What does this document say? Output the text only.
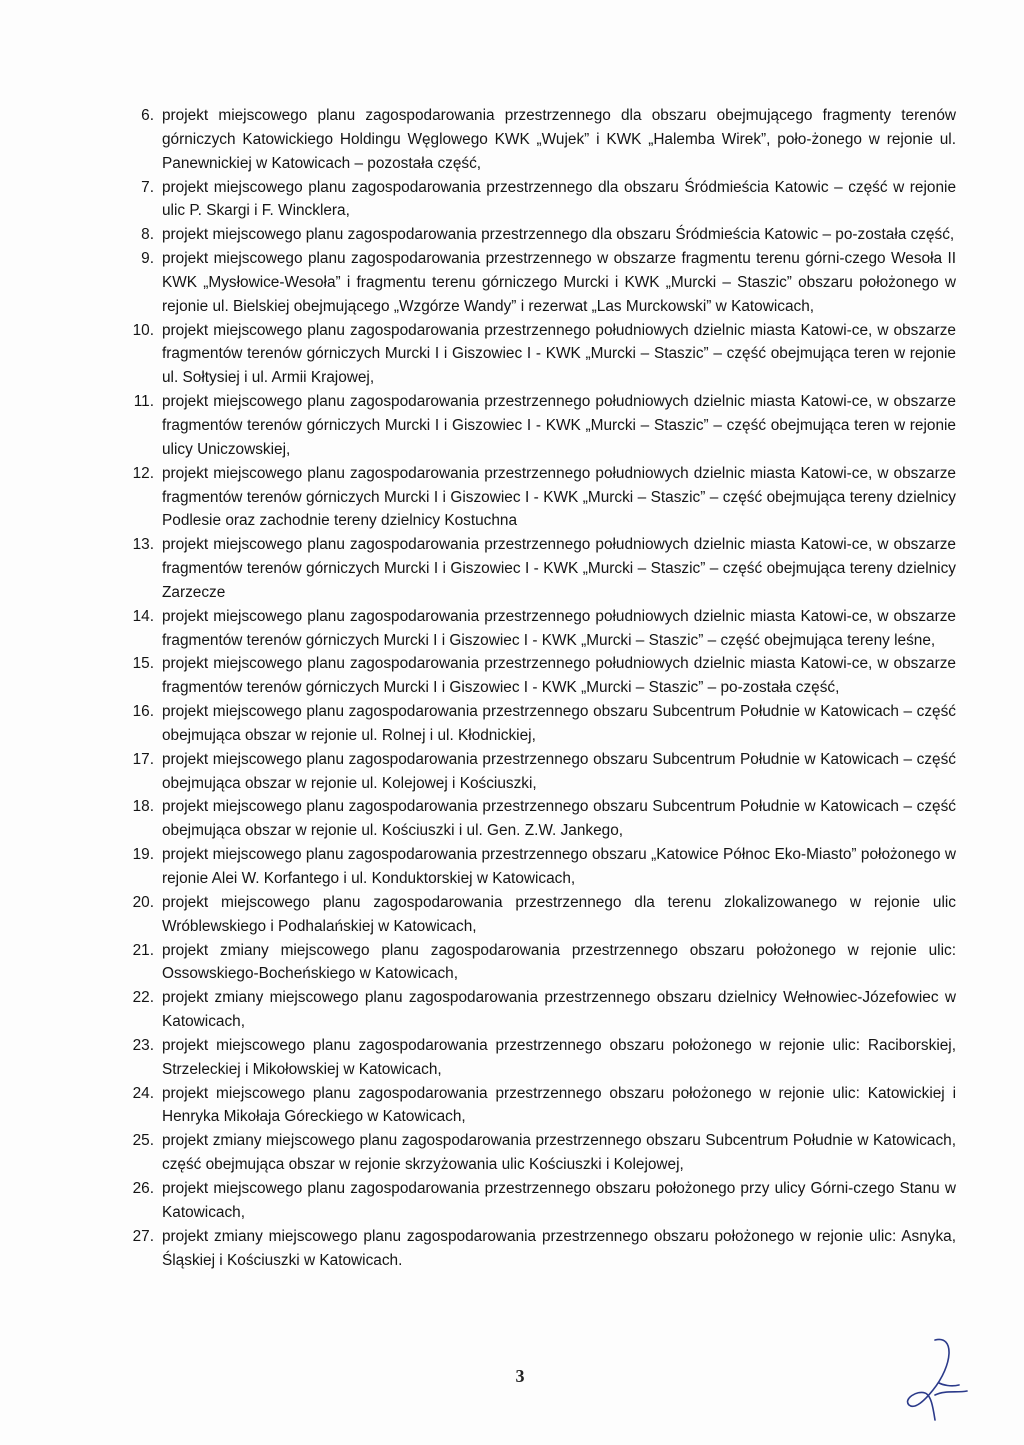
6. projekt miejscowego planu zagospodarowania przestrzennego dla obszaru obejmującego fragmenty terenów górniczych Katowickiego Holdingu Węglowego KWK „Wujek” i KWK „Halemba Wirek”, poło-żonego w rejonie ul. Panewnickiej w Katowicach – pozostała część,
7. projekt miejscowego planu zagospodarowania przestrzennego dla obszaru Śródmieścia Katowic – część w rejonie ulic P. Skargi i F. Wincklera,
8. projekt miejscowego planu zagospodarowania przestrzennego dla obszaru Śródmieścia Katowic – po-została część,
9. projekt miejscowego planu zagospodarowania przestrzennego w obszarze fragmentu terenu górni-czego Wesoła II KWK „Mysłowice-Wesoła” i fragmentu terenu górniczego Murcki i KWK „Murcki – Staszic” obszaru położonego w rejonie ul. Bielskiej obejmującego „Wzgórze Wandy” i rezerwat „Las Murckowski” w Katowicach,
10. projekt miejscowego planu zagospodarowania przestrzennego południowych dzielnic miasta Katowi-ce, w obszarze fragmentów terenów górniczych Murcki I i Giszowiec I - KWK „Murcki – Staszic” – część obejmująca teren w rejonie ul. Sołtysiej i ul. Armii Krajowej,
11. projekt miejscowego planu zagospodarowania przestrzennego południowych dzielnic miasta Katowi-ce, w obszarze fragmentów terenów górniczych Murcki I i Giszowiec I - KWK „Murcki – Staszic” – część obejmująca teren w rejonie ulicy Uniczowskiej,
12. projekt miejscowego planu zagospodarowania przestrzennego południowych dzielnic miasta Katowi-ce, w obszarze fragmentów terenów górniczych Murcki I i Giszowiec I - KWK „Murcki – Staszic” – część obejmująca tereny dzielnicy Podlesie oraz zachodnie tereny dzielnicy Kostuchna
13. projekt miejscowego planu zagospodarowania przestrzennego południowych dzielnic miasta Katowi-ce, w obszarze fragmentów terenów górniczych Murcki I i Giszowiec I - KWK „Murcki – Staszic” – część obejmująca tereny dzielnicy Zarzecze
14. projekt miejscowego planu zagospodarowania przestrzennego południowych dzielnic miasta Katowi-ce, w obszarze fragmentów terenów górniczych Murcki I i Giszowiec I - KWK „Murcki – Staszic” – część obejmująca tereny leśne,
15. projekt miejscowego planu zagospodarowania przestrzennego południowych dzielnic miasta Katowi-ce, w obszarze fragmentów terenów górniczych Murcki I i Giszowiec I - KWK „Murcki – Staszic” – po-została część,
16. projekt miejscowego planu zagospodarowania przestrzennego obszaru Subcentrum Południe w Katowicach – część obejmująca obszar w rejonie ul. Rolnej i ul. Kłodnickiej,
17. projekt miejscowego planu zagospodarowania przestrzennego obszaru Subcentrum Południe w Katowicach – część obejmująca obszar w rejonie ul. Kolejowej i Kościuszki,
18. projekt miejscowego planu zagospodarowania przestrzennego obszaru Subcentrum Południe w Katowicach – część obejmująca obszar w rejonie ul. Kościuszki i ul. Gen. Z.W. Jankego,
19. projekt miejscowego planu zagospodarowania przestrzennego obszaru „Katowice Północ Eko-Miasto” położonego w rejonie Alei W. Korfantego i ul. Konduktorskiej w Katowicach,
20. projekt miejscowego planu zagospodarowania przestrzennego dla terenu zlokalizowanego w rejonie ulic Wróblewskiego i Podhalańskiej w Katowicach,
21. projekt zmiany miejscowego planu zagospodarowania przestrzennego obszaru położonego w rejonie ulic: Ossowskiego-Bocheńskiego w Katowicach,
22. projekt zmiany miejscowego planu zagospodarowania przestrzennego obszaru dzielnicy Wełnowiec-Józefowiec w Katowicach,
23. projekt miejscowego planu zagospodarowania przestrzennego obszaru położonego w rejonie ulic: Raciborskiej, Strzeleckiej i Mikołowskiej w Katowicach,
24. projekt miejscowego planu zagospodarowania przestrzennego obszaru położonego w rejonie ulic: Katowickiej i Henryka Mikołaja Góreckiego w Katowicach,
25. projekt zmiany miejscowego planu zagospodarowania przestrzennego obszaru Subcentrum Południe w Katowicach, część obejmująca obszar w rejonie skrzyżowania ulic Kościuszki i Kolejowej,
26. projekt miejscowego planu zagospodarowania przestrzennego obszaru położonego przy ulicy Górni-czego Stanu w Katowicach,
27. projekt zmiany miejscowego planu zagospodarowania przestrzennego obszaru położonego w rejonie ulic: Asnyka, Śląskiej i Kościuszki w Katowicach.
3
